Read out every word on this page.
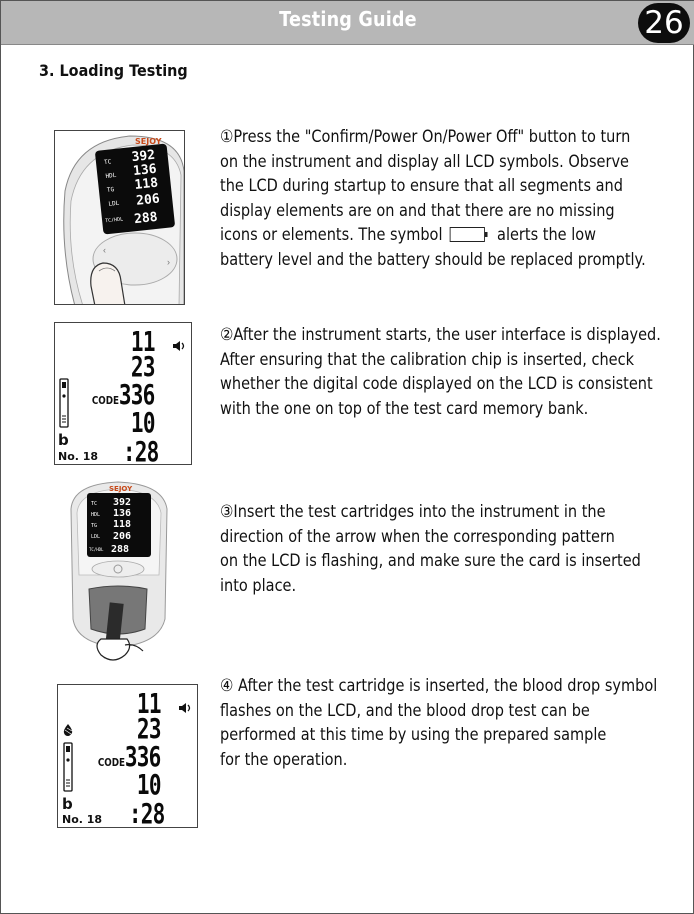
Testing Guide	26
3. Loading Testing
SEJOY
TC
HDL
TG
LDL
TC/HDL
392
136
118
206
288
‹
›
①Press the "Confirm/Power On/Power Off" button to turn
on the instrument and display all LCD symbols. Observe
the LCD during startup to ensure that all segments and
display elements are on and that there are no missing
icons or elements. The symbol	alerts the low
battery level and the battery should be replaced promptly.
11
23
CODE 336
10
:28
b
No. 18
②After the instrument starts, the user interface is displayed.
After ensuring that the calibration chip is inserted, check
whether the digital code displayed on the LCD is consistent
with the one on top of the test card memory bank.
SEJOY
TC
HDL
TG
LDL
TC/HDL
392
136
118
206
288
③Insert the test cartridges into the instrument in the
direction of the arrow when the corresponding pattern
on the LCD is flashing, and make sure the card is inserted
into place.
11
23
CODE 336
10
:28
b
No. 18
④ After the test cartridge is inserted, the blood drop symbol
flashes on the LCD, and the blood drop test can be
performed at this time by using the prepared sample
for the operation.
